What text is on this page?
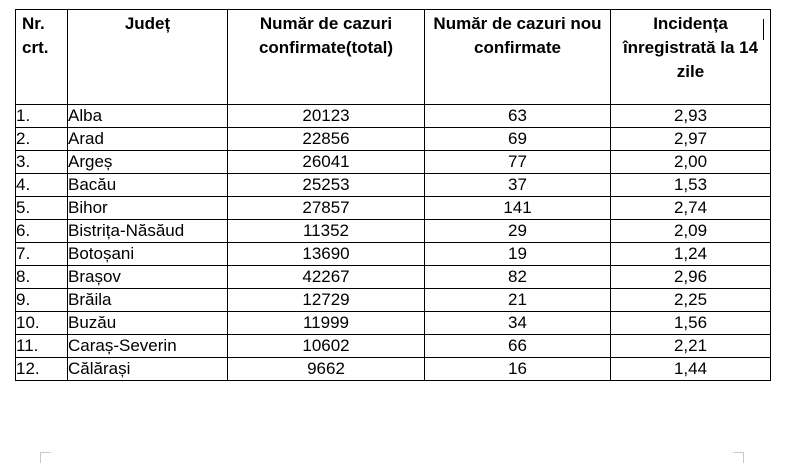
Nr. crt.	Județ	Număr de cazuri confirmate(total)	Număr de cazuri nou confirmate	Incidența înregistrată la 14 zile
1.	Alba	20123	63	2,93
2.	Arad	22856	69	2,97
3.	Argeș	26041	77	2,00
4.	Bacău	25253	37	1,53
5.	Bihor	27857	141	2,74
6.	Bistrița-Năsăud	11352	29	2,09
7.	Botoșani	13690	19	1,24
8.	Brașov	42267	82	2,96
9.	Brăila	12729	21	2,25
10.	Buzău	11999	34	1,56
11.	Caraș-Severin	10602	66	2,21
12.	Călărași	9662	16	1,44
